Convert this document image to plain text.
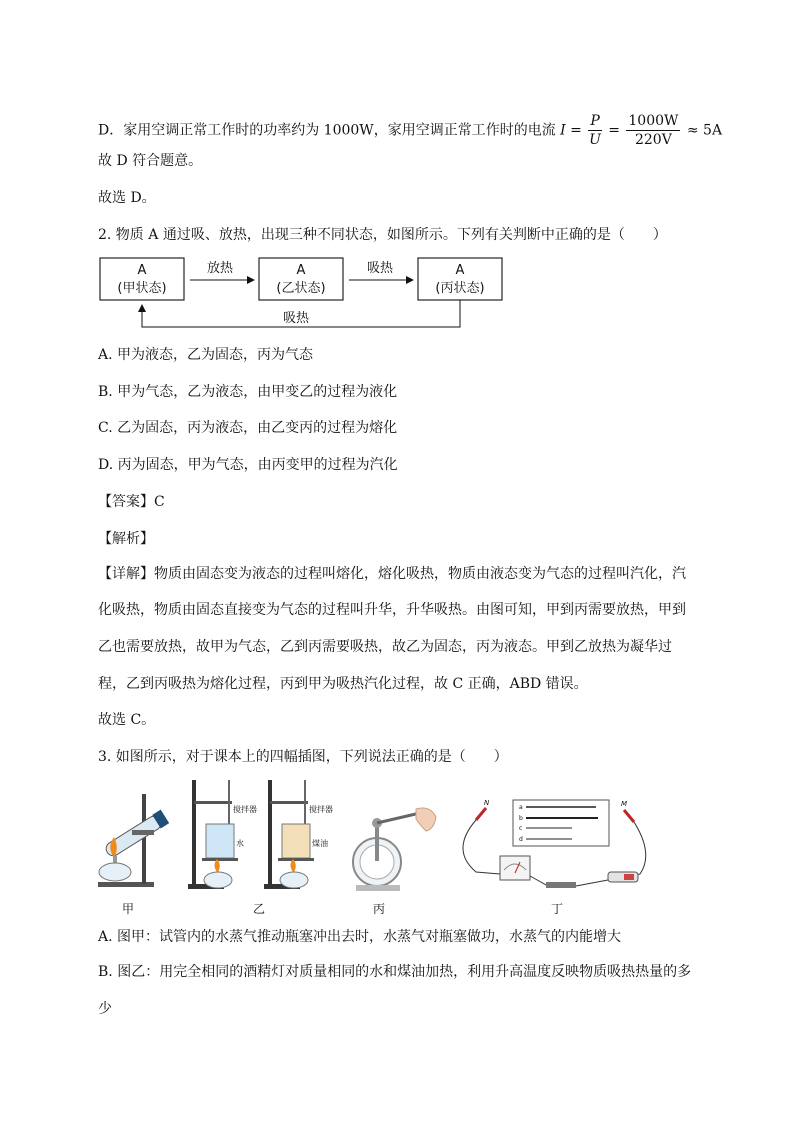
D．家用空调正常工作时的功率约为 1000W，家用空调正常工作时的电流 $I = \frac{P}{U} = \frac{1000W}{220V} \approx 5A$
故 D 符合题意。
故选 D。
2. 物质 A 通过吸、放热，出现三种不同状态，如图所示。下列有关判断中正确的是（　　）
A
(甲状态)
A
(乙状态)
A
(丙状态)
放热	吸热
吸热
A. 甲为液态，乙为固态，丙为气态
B. 甲为气态，乙为液态，由甲变乙的过程为液化
C. 乙为固态，丙为液态，由乙变丙的过程为熔化
D. 丙为固态，甲为气态，由丙变甲的过程为汽化
【答案】C
【解析】
【详解】物质由固态变为液态的过程叫熔化，熔化吸热，物质由液态变为气态的过程叫汽化，汽
化吸热，物质由固态直接变为气态的过程叫升华，升华吸热。由图可知，甲到丙需要放热，甲到
乙也需要放热，故甲为气态，乙到丙需要吸热，故乙为固态，丙为液态。甲到乙放热为凝华过
程，乙到丙吸热为熔化过程，丙到甲为吸热汽化过程，故 C 正确，ABD 错误。
故选 C。
3. 如图所示，对于课本上的四幅插图，下列说法正确的是（　　）
搅拌器
水
搅拌器
煤油
a
b
c
d
N	M
甲	乙	丙	丁
A. 图甲：试管内的水蒸气推动瓶塞冲出去时，水蒸气对瓶塞做功，水蒸气的内能增大
B. 图乙：用完全相同的酒精灯对质量相同的水和煤油加热，利用升高温度反映物质吸热热量的多
少
